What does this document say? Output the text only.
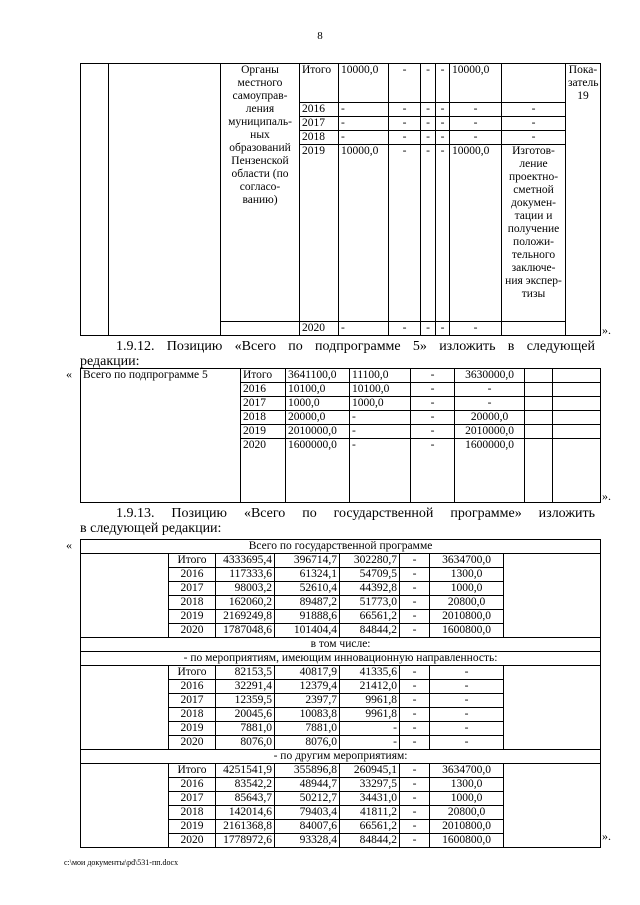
8
		Органы местного самоуправ-ления муниципаль-ных образований Пензенской области (по согласо-ванию)	Итого	10000,0	-	-	-	10000,0		Пока-затель 19
			2016	-	-	-	-	-	-	
			2017	-	-	-	-	-	-	
			2018	-	-	-	-	-	-	
			2019	10000,0	-	-	-	10000,0	Изготов-ление проектно-сметной докумен-тации и получение положи-тельного заключе-ния экспер-тизы	
			2020	-	-	-	-	-			».
1.9.12. Позицию «Всего по подпрограмме 5» изложить в следующей
редакции:
« Всего по подпрограмме 5	Итого	3641100,0	11100,0	-	3630000,0		
	2016	10100,0	10100,0	-	-		
	2017	1000,0	1000,0	-	-		
	2018	20000,0	-	-	20000,0		
	2019	2010000,0	-	-	2010000,0		
	2020	1600000,0	-	-	1600000,0		
».
1.9.13. Позицию «Всего по государственной программе» изложить
в следующей редакции:
«	Всего по государственной программе							
	Итого	4333695,4	396714,7	302280,7	-	3634700,0	
	2016	117333,6	61324,1	54709,5	-	1300,0	
	2017	98003,2	52610,4	44392,8	-	1000,0	
	2018	162060,2	89487,2	51773,0	-	20800,0	
	2019	2169249,8	91888,6	66561,2	-	2010800,0	
	2020	1787048,6	101404,4	84844,2	-	1600800,0	
в том числе:							
- по мероприятиям, имеющим инновационную направленность:							
	Итого	82153,5	40817,9	41335,6	-	-	
	2016	32291,4	12379,4	21412,0	-	-	
	2017	12359,5	2397,7	9961,8	-	-	
	2018	20045,6	10083,8	9961,8	-	-	
	2019	7881,0	7881,0	-	-	-	
	2020	8076,0	8076,0	-	-	-	
- по другим мероприятиям:							
	Итого	4251541,9	355896,8	260945,1	-	3634700,0	
	2016	83542,2	48944,7	33297,5	-	1300,0	
	2017	85643,7	50212,7	34431,0	-	1000,0	
	2018	142014,6	79403,4	41811,2	-	20800,0	
	2019	2161368,8	84007,6	66561,2	-	2010800,0	
	2020	1778972,6	93328,4	84844,2	-	1600800,0		».
c:\мои документы\pd\531-пп.docx
